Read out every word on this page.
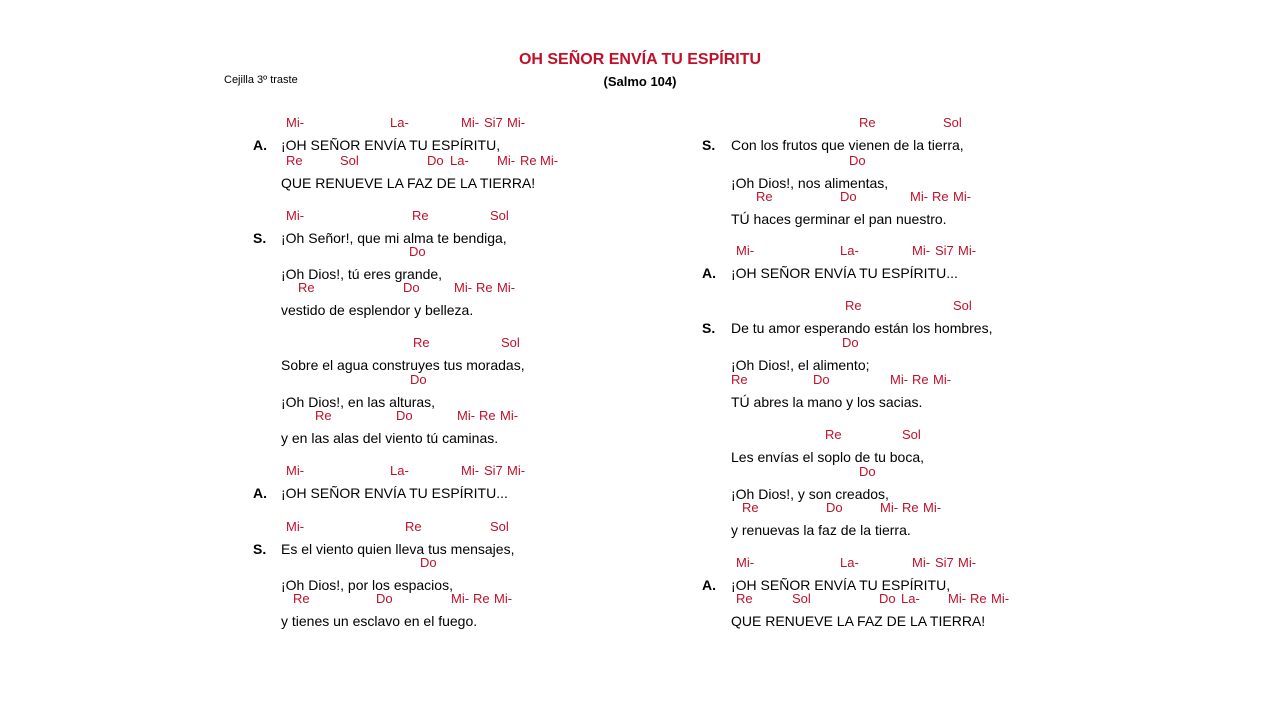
OH SEÑOR ENVÍA TU ESPÍRITU
(Salmo 104)
Cejilla 3º traste
A. ¡OH SEÑOR ENVÍA TU ESPÍRITU,
Mi-	La-	Mi- Si7 Mi-
QUE RENUEVE LA FAZ DE LA TIERRA!
Re	Sol	Do La- Mi- Re Mi-
S. ¡Oh Señor!, que mi alma te bendiga,
Mi-	Re	Sol
¡Oh Dios!, tú eres grande,
Do
vestido de esplendor y belleza.
Re	Do	Mi- Re Mi-
Sobre el agua construyes tus moradas,
Re	Sol
¡Oh Dios!, en las alturas,
Do
y en las alas del viento tú caminas.
Re	Do	Mi- Re Mi-
A. ¡OH SEÑOR ENVÍA TU ESPÍRITU...
Mi-	La-	Mi- Si7 Mi-
S. Es el viento quien lleva tus mensajes,
Mi-	Re	Sol
¡Oh Dios!, por los espacios,
Do
y tienes un esclavo en el fuego.
Re	Do	Mi- Re Mi-
S. Con los frutos que vienen de la tierra,
Re	Sol
¡Oh Dios!, nos alimentas,
Do
TÚ haces germinar el pan nuestro.
Re	Do	Mi- Re Mi-
A. ¡OH SEÑOR ENVÍA TU ESPÍRITU...
Mi-	La-	Mi- Si7 Mi-
S. De tu amor esperando están los hombres,
Re	Sol
¡Oh Dios!, el alimento;
Do
TÚ abres la mano y los sacias.
Re	Do	Mi- Re Mi-
Les envías el soplo de tu boca,
Re	Sol
¡Oh Dios!, y son creados,
Do
y renuevas la faz de la tierra.
Re	Do	Mi- Re Mi-
A. ¡OH SEÑOR ENVÍA TU ESPÍRITU,
Mi-	La-	Mi- Si7 Mi-
QUE RENUEVE LA FAZ DE LA TIERRA!
Re	Sol	Do La- Mi- Re Mi-
